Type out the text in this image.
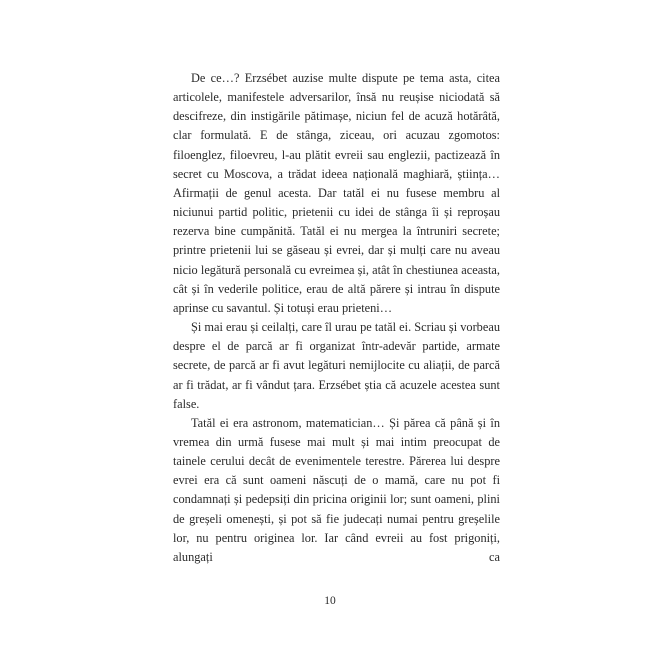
De ce…? Erzsébet auzise multe dispute pe tema asta, citea articolele, manifestele adversarilor, însă nu reușise niciodată să descifreze, din instigările pătimașe, niciun fel de acuză hotărâtă, clar formulată. E de stânga, ziceau, ori acuzau zgomotos: filoenglez, filoevreu, l-au plătit evreii sau englezii, pactizează în secret cu Moscova, a trădat ideea națională maghiară, știința… Afirmații de genul acesta. Dar tatăl ei nu fusese membru al niciunui partid politic, prietenii cu idei de stânga îi și reproșau rezerva bine cumpănită. Tatăl ei nu mergea la întruniri secrete; printre prietenii lui se găseau și evrei, dar și mulți care nu aveau nicio legătură personală cu evreimea și, atât în chestiunea aceasta, cât și în vederile politice, erau de altă părere și intrau în dispute aprinse cu savantul. Și totuși erau prieteni…

Și mai erau și ceilalți, care îl urau pe tatăl ei. Scriau și vorbeau despre el de parcă ar fi organizat într-adevăr partide, armate secrete, de parcă ar fi avut legături nemijlocite cu aliații, de parcă ar fi trădat, ar fi vândut țara. Erzsébet știa că acuzele acestea sunt false.

Tatăl ei era astronom, matematician… Și părea că până și în vremea din urmă fusese mai mult și mai intim preocupat de tainele cerului decât de evenimentele terestre. Părerea lui despre evrei era că sunt oameni născuți de o mamă, care nu pot fi condamnați și pedepsiți din pricina originii lor; sunt oameni, plini de greșeli omenești, și pot să fie judecați numai pentru greșelile lor, nu pentru originea lor. Iar când evreii au fost prigoniți, alungați ca

10
